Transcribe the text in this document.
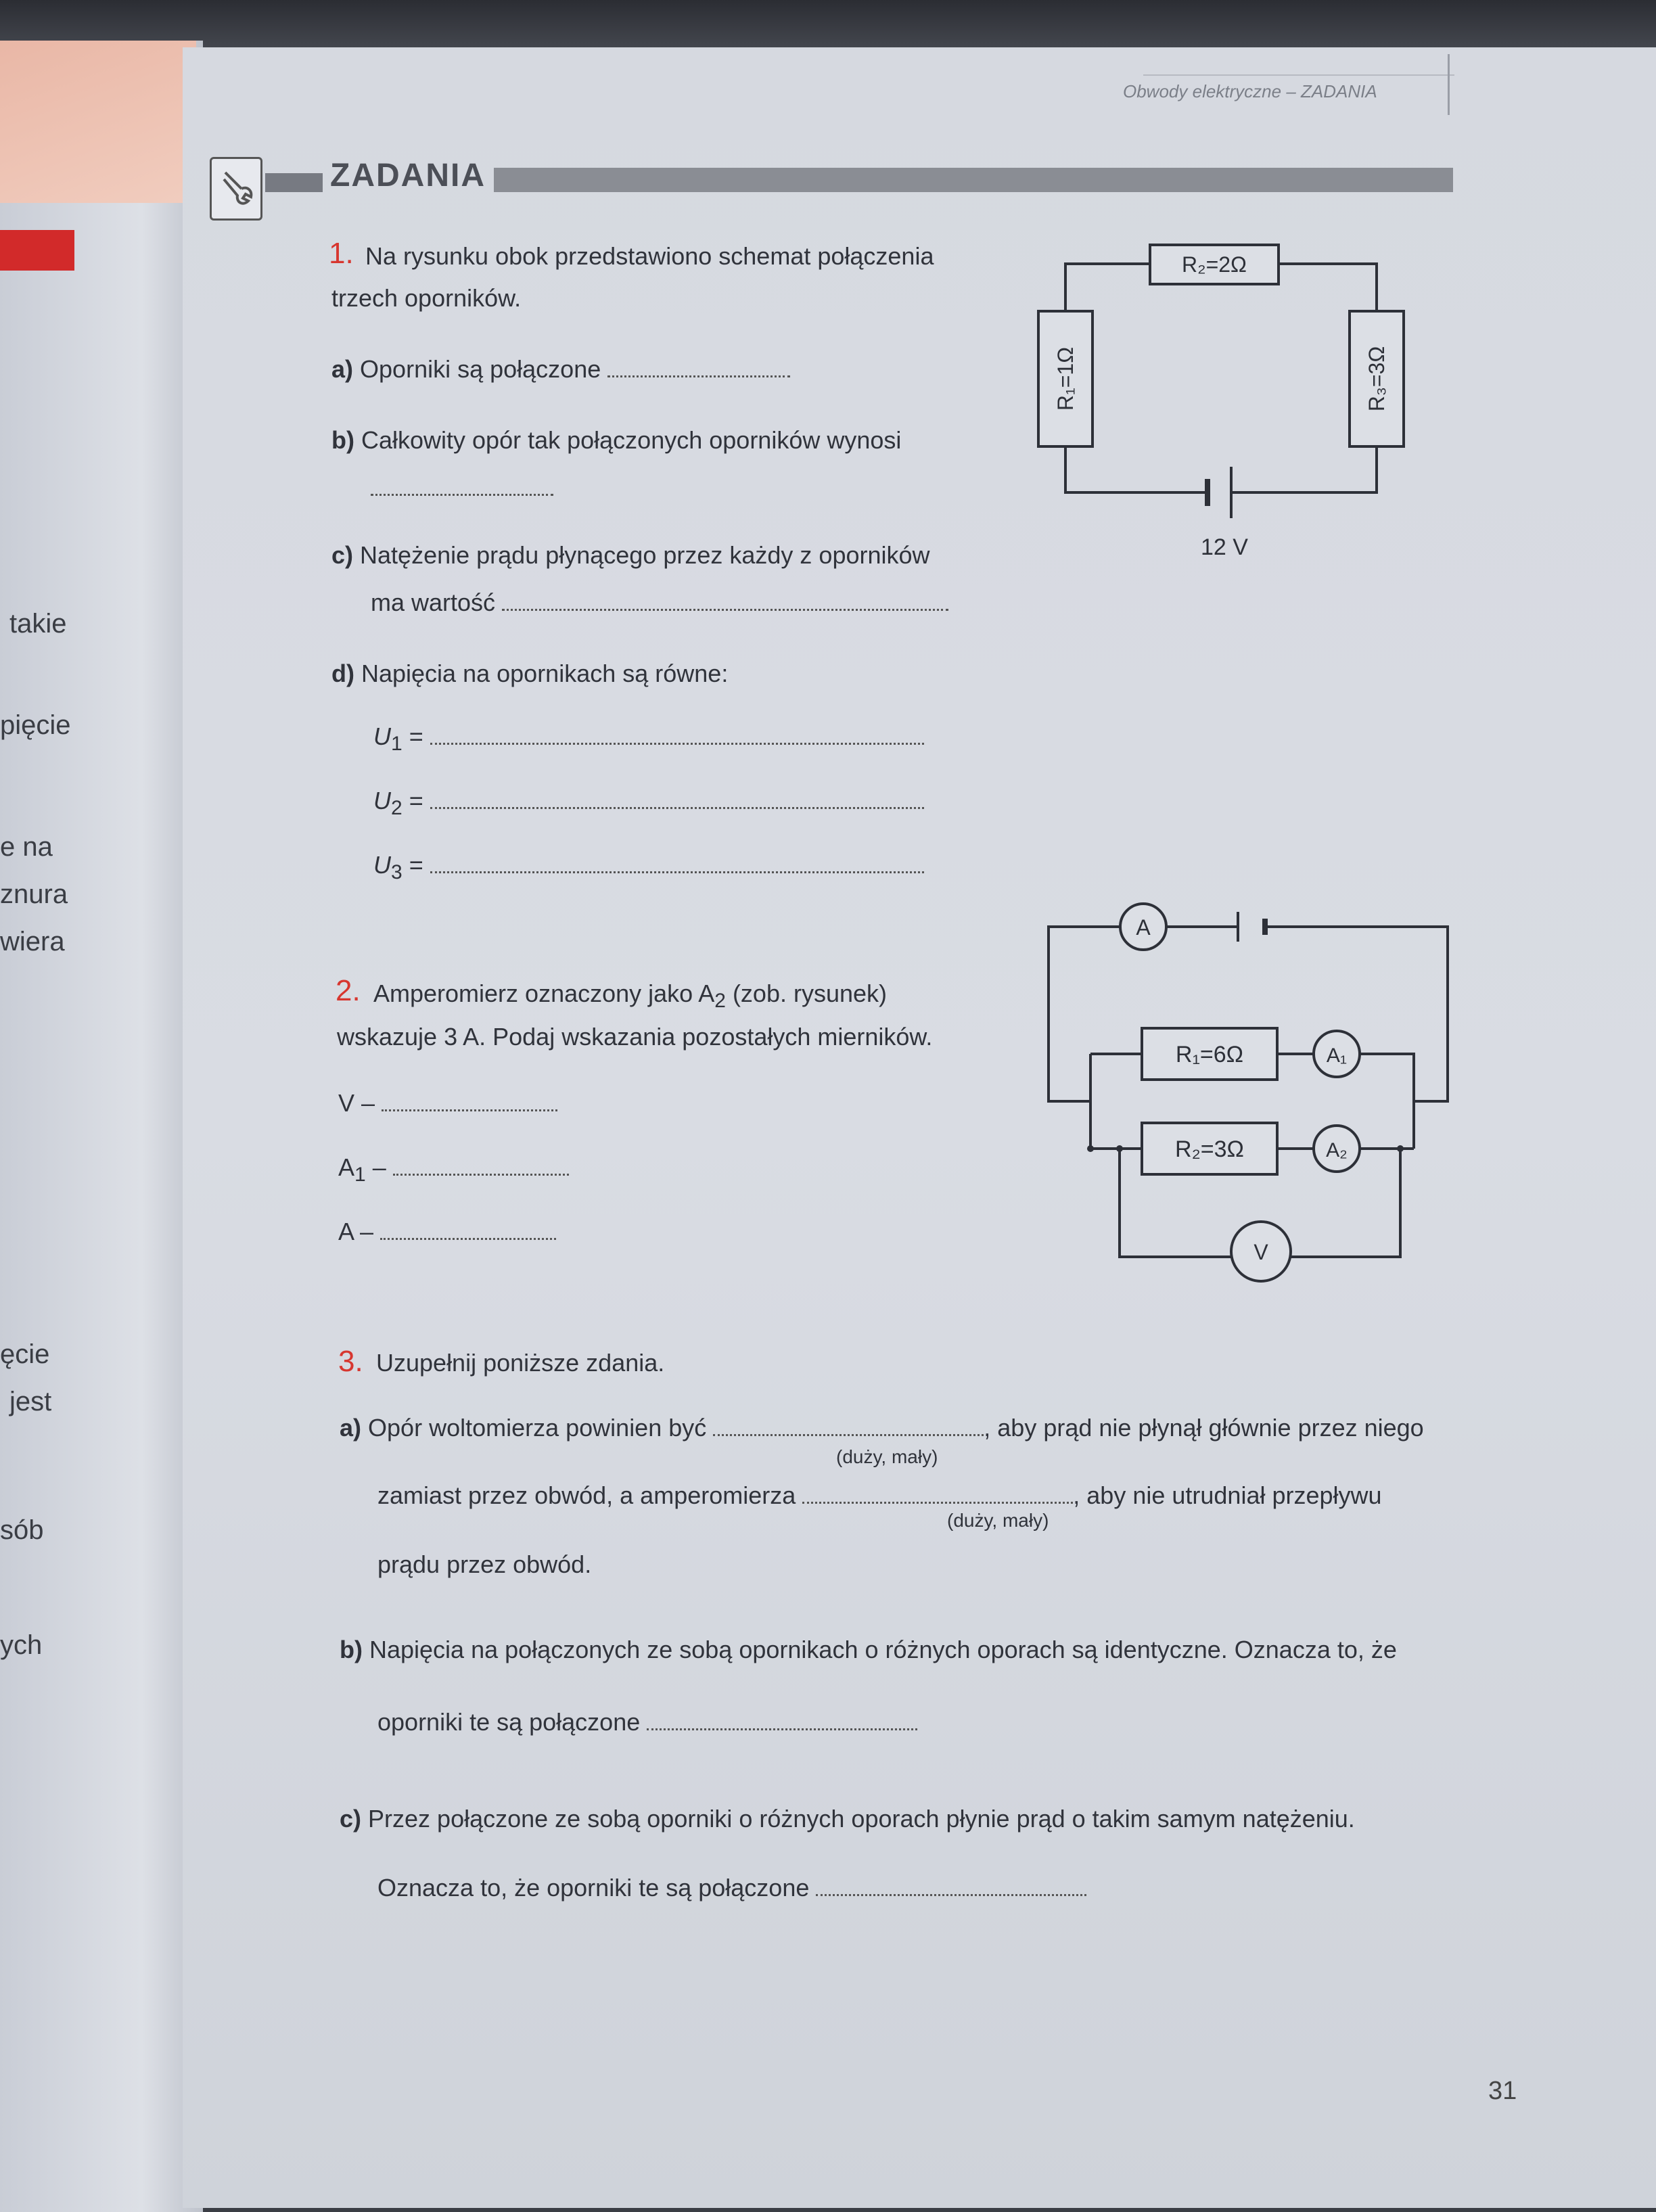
takie
pięcie
e na
znura
wiera
ęcie
jest
sób
ych
Obwody elektryczne – ZADANIA
ZADANIA
1. Na rysunku obok przedstawiono schemat połączenia
trzech oporników.
a) Oporniki są połączone
b) Całkowity opór tak połączonych oporników wynosi
c) Natężenie prądu płynącego przez każdy z oporników
ma wartość
d) Napięcia na opornikach są równe:
$U_1$ =
$U_2$ =
$U_3$ =
R₂=2Ω
R₁=1Ω	R₃=3Ω
12 V
2. Amperomierz oznaczony jako $A_2$ (zob. rysunek)
wskazuje 3 A. Podaj wskazania pozostałych mierników.
V –
$A_1$ –
A –
A
R₁=6Ω	A₁
R₂=3Ω	A₂
V
3. Uzupełnij poniższe zdania.
a) Opór woltomierza powinien być	, aby prąd nie płynął głównie przez niego
(duży, mały)
zamiast przez obwód, a amperomierza	, aby nie utrudniał przepływu
(duży, mały)
prądu przez obwód.
b) Napięcia na połączonych ze sobą opornikach o różnych oporach są identyczne. Oznacza to, że
oporniki te są połączone
c) Przez połączone ze sobą oporniki o różnych oporach płynie prąd o takim samym natężeniu.
Oznacza to, że oporniki te są połączone
31
